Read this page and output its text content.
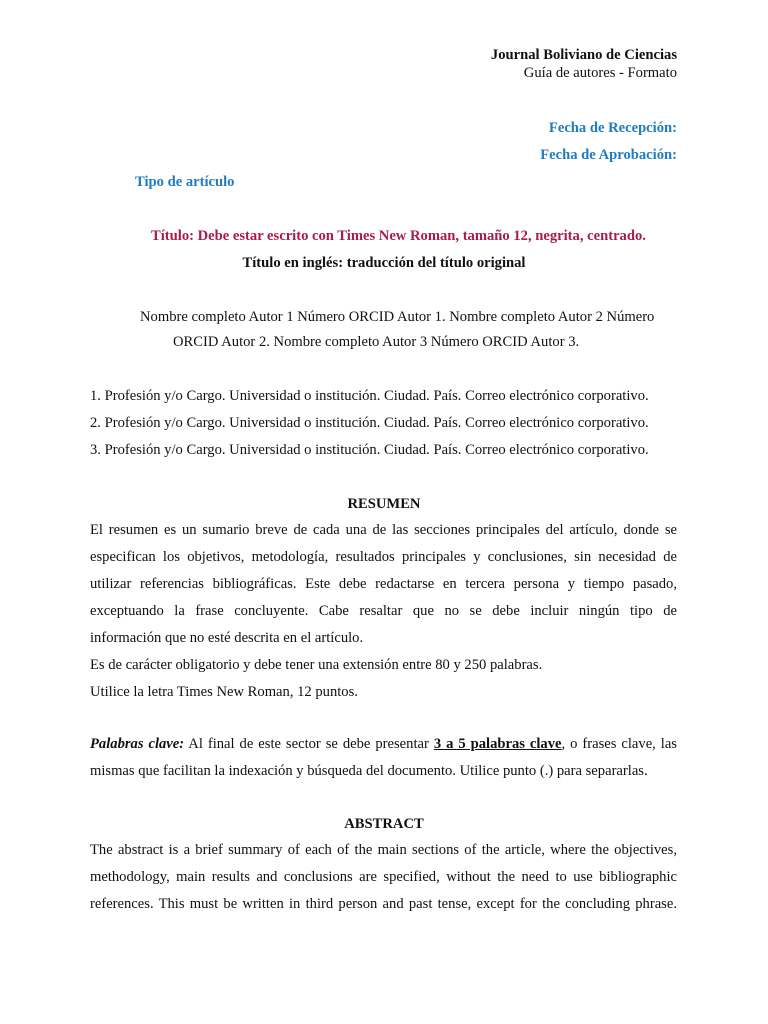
Journal Boliviano de Ciencias
Guía de autores - Formato
Fecha de Recepción:
Fecha de Aprobación:
Tipo de artículo
Título: Debe estar escrito con Times New Roman, tamaño 12, negrita, centrado.
Título en inglés: traducción del título original
Nombre completo Autor 1 Número ORCID Autor 1. Nombre completo Autor 2 Número
ORCID Autor 2. Nombre completo Autor 3 Número ORCID Autor 3.
1. Profesión y/o Cargo. Universidad o institución. Ciudad. País. Correo electrónico corporativo.
2. Profesión y/o Cargo. Universidad o institución. Ciudad. País. Correo electrónico corporativo.
3. Profesión y/o Cargo. Universidad o institución. Ciudad. País. Correo electrónico corporativo.
RESUMEN
El resumen es un sumario breve de cada una de las secciones principales del artículo, donde se
especifican los objetivos, metodología, resultados principales y conclusiones, sin necesidad de
utilizar referencias bibliográficas. Este debe redactarse en tercera persona y tiempo pasado,
exceptuando la frase concluyente. Cabe resaltar que no se debe incluir ningún tipo de
información que no esté descrita en el artículo.
Es de carácter obligatorio y debe tener una extensión entre 80 y 250 palabras.
Utilice la letra Times New Roman, 12 puntos.
Palabras clave: Al final de este sector se debe presentar 3 a 5 palabras clave, o frases clave, las
mismas que facilitan la indexación y búsqueda del documento. Utilice punto (.) para separarlas.
ABSTRACT
The abstract is a brief summary of each of the main sections of the article, where the objectives,
methodology, main results and conclusions are specified, without the need to use bibliographic
references. This must be written in third person and past tense, except for the concluding phrase.
